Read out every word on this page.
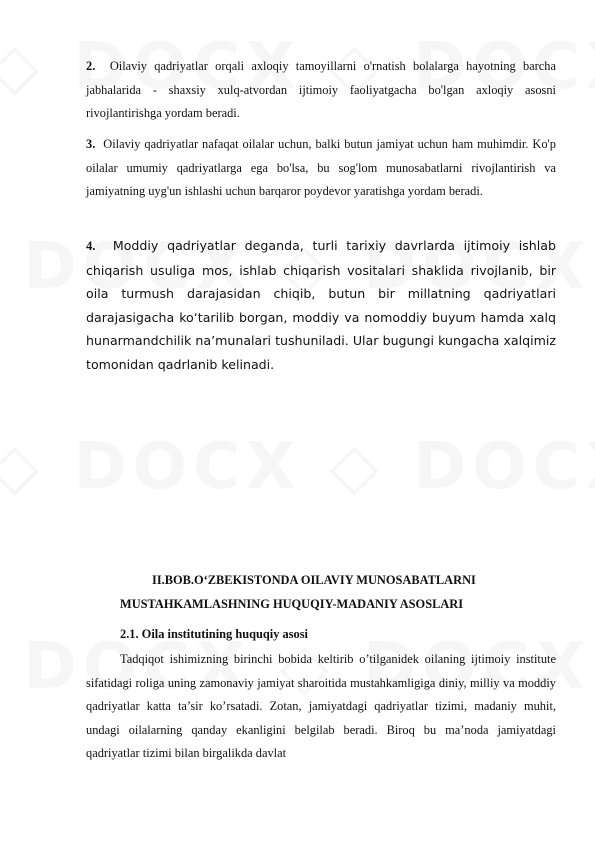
2. Oilaviy qadriyatlar orqali axloqiy tamoyillarni o'rnatish bolalarga hayotning barcha jabhalarida - shaxsiy xulq-atvordan ijtimoiy faoliyatgacha bo'lgan axloqiy asosni rivojlantirishga yordam beradi.

3. Oilaviy qadriyatlar nafaqat oilalar uchun, balki butun jamiyat uchun ham muhimdir. Ko'p oilalar umumiy qadriyatlarga ega bo'lsa, bu sog'lom munosabatlarni rivojlantirish va jamiyatning uyg'un ishlashi uchun barqaror poydevor yaratishga yordam beradi.

4. Moddiy qadriyatlar deganda, turli tarixiy davrlarda ijtimoiy ishlab chiqarish usuliga mos, ishlab chiqarish vositalari shaklida rivojlanib, bir oila turmush darajasidan chiqib, butun bir millatning qadriyatlari darajasigacha ko‘tarilib borgan, moddiy va nomoddiy buyum hamda xalq hunarmandchilik na’munalari tushuniladi. Ular bugungi kungacha xalqimiz tomonidan qadrlanib kelinadi.

II.BOB.O‘ZBEKISTONDA OILAVIY MUNOSABATLARNI
MUSTAHKAMLASHNING HUQUQIY-MADANIY ASOSLARI
2.1. Oila institutining huquqiy asosi

Tadqiqot ishimizning birinchi bobida keltirib o’tilganidek oilaning ijtimoiy institute sifatidagi roliga uning zamonaviy jamiyat sharoitida mustahkamligiga diniy, milliy va moddiy qadriyatlar katta ta’sir ko’rsatadi. Zotan, jamiyatdagi qadriyatlar tizimi, madaniy muhit, undagi oilalarning qanday ekanligini belgilab beradi. Biroq bu ma’noda jamiyatdagi qadriyatlar tizimi bilan birgalikda davlat
